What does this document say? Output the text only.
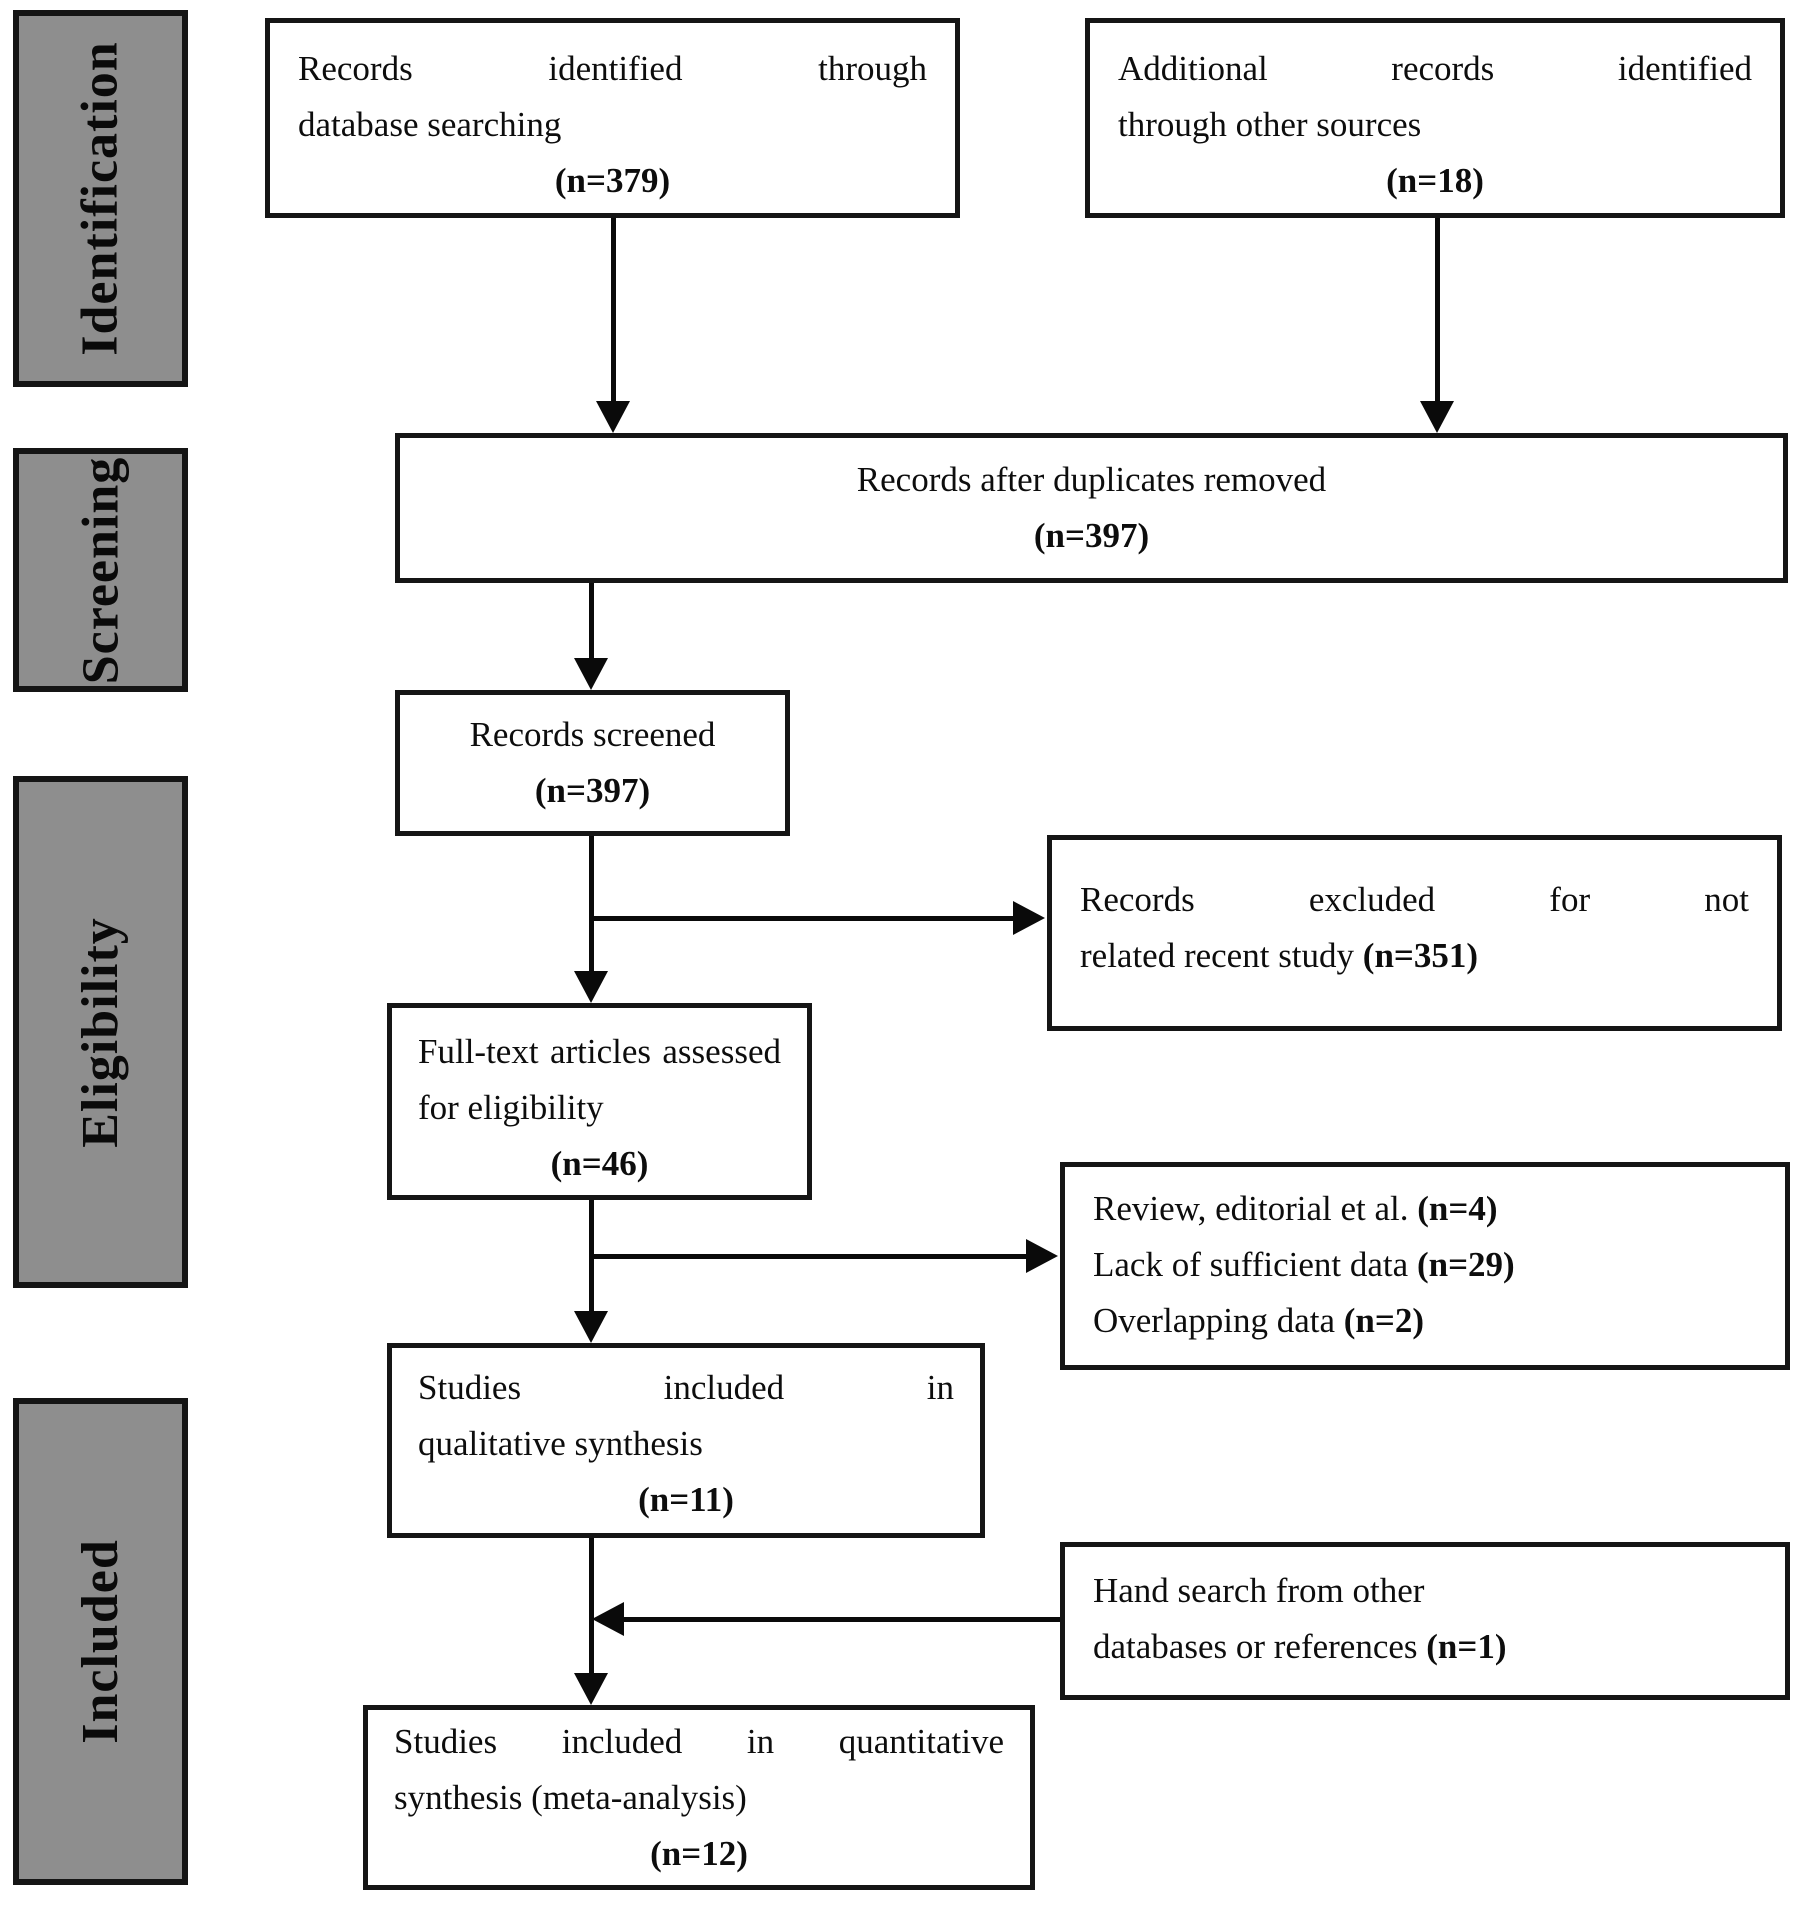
Identification
Screening
Eligibility
Included
Records identified through
database searching
(n=379)
Additional records identified
through other sources
(n=18)
Records after duplicates removed
(n=397)
Records screened
(n=397)
Records excluded for not
related recent study (n=351)
Full-text articles assessed
for eligibility
(n=46)
Review, editorial et al. (n=4)
Lack of sufficient data (n=29)
Overlapping data (n=2)
Studies included in
qualitative synthesis
(n=11)
Hand search from other
databases or references (n=1)
Studies included in quantitative
synthesis (meta-analysis)
(n=12)
